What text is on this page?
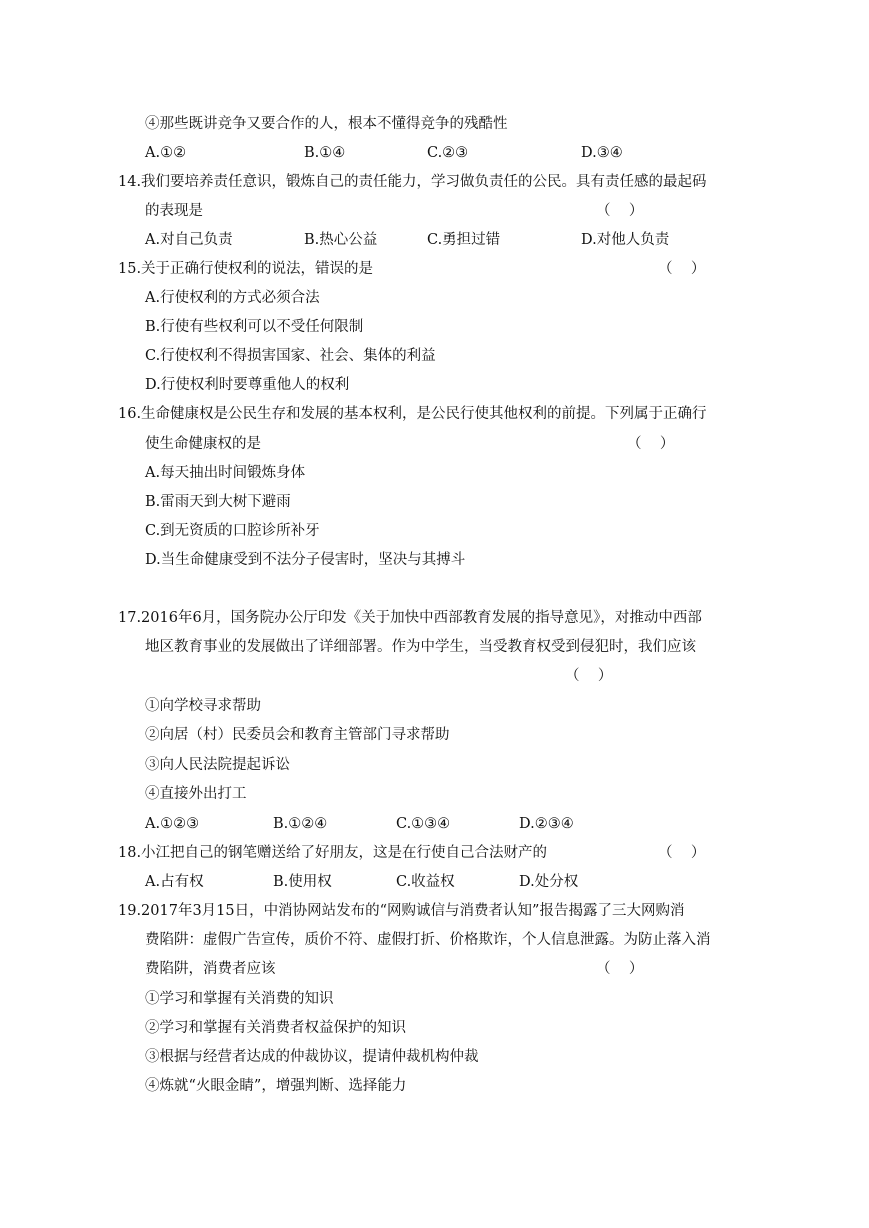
④那些既讲竞争又要合作的人，根本不懂得竞争的残酷性
A.①②	B.①④	C.②③	D.③④
14.我们要培养责任意识，锻炼自己的责任能力，学习做负责任的公民。具有责任感的最起码
的表现是	（    ）
A.对自己负责	B.热心公益	C.勇担过错	D.对他人负责
15.关于正确行使权利的说法，错误的是	（    ）
A.行使权利的方式必须合法
B.行使有些权利可以不受任何限制
C.行使权利不得损害国家、社会、集体的利益
D.行使权利时要尊重他人的权利
16.生命健康权是公民生存和发展的基本权利，是公民行使其他权利的前提。下列属于正确行
使生命健康权的是	（    ）
A.每天抽出时间锻炼身体
B.雷雨天到大树下避雨
C.到无资质的口腔诊所补牙
D.当生命健康受到不法分子侵害时，坚决与其搏斗
17.2016年6月，国务院办公厅印发《关于加快中西部教育发展的指导意见》，对推动中西部
地区教育事业的发展做出了详细部署。作为中学生，当受教育权受到侵犯时，我们应该
（    ）
①向学校寻求帮助
②向居（村）民委员会和教育主管部门寻求帮助
③向人民法院提起诉讼
④直接外出打工
A.①②③	B.①②④	C.①③④	D.②③④
18.小江把自己的钢笔赠送给了好朋友，这是在行使自己合法财产的	（    ）
A.占有权	B.使用权	C.收益权	D.处分权
19.2017年3月15日，中消协网站发布的“网购诚信与消费者认知”报告揭露了三大网购消
费陷阱：虚假广告宣传，质价不符、虚假打折、价格欺诈，个人信息泄露。为防止落入消
费陷阱，消费者应该	（    ）
①学习和掌握有关消费的知识
②学习和掌握有关消费者权益保护的知识
③根据与经营者达成的仲裁协议，提请仲裁机构仲裁
④炼就“火眼金睛”，增强判断、选择能力
